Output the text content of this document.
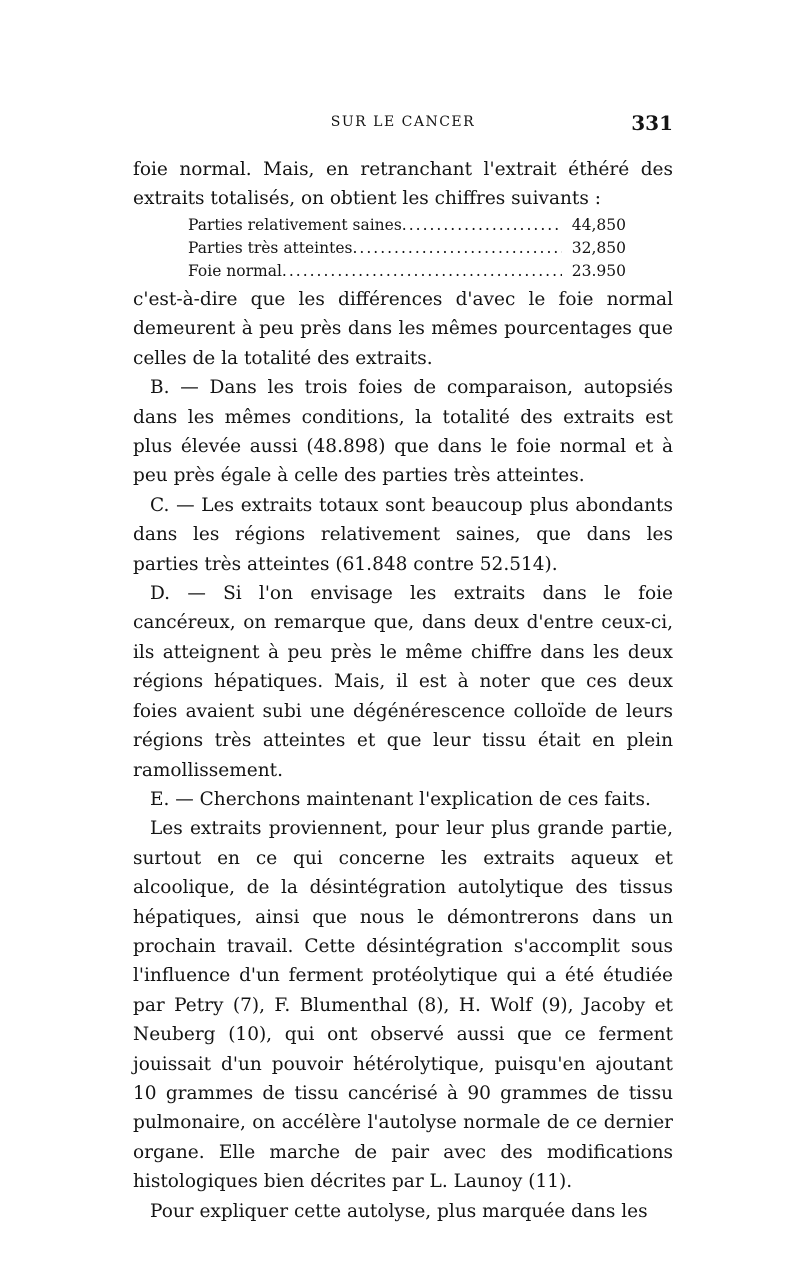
SUR LE CANCER	331

foie normal. Mais, en retranchant l'extrait éthéré des extraits totalisés, on obtient les chiffres suivants :

Parties relativement saines .....	44,850
Parties très atteintes .....	32,850
Foie normal .....	23.950

c'est-à-dire que les différences d'avec le foie normal demeurent à peu près dans les mêmes pourcentages que celles de la totalité des extraits.

B. — Dans les trois foies de comparaison, autopsiés dans les mêmes conditions, la totalité des extraits est plus élevée aussi (48.898) que dans le foie normal et à peu près égale à celle des parties très atteintes.

C. — Les extraits totaux sont beaucoup plus abondants dans les régions relativement saines, que dans les parties très atteintes (61.848 contre 52.514).

D. — Si l'on envisage les extraits dans le foie cancéreux, on remarque que, dans deux d'entre ceux-ci, ils atteignent à peu près le même chiffre dans les deux régions hépatiques. Mais, il est à noter que ces deux foies avaient subi une dégénérescence colloïde de leurs régions très atteintes et que leur tissu était en plein ramollissement.

E. — Cherchons maintenant l'explication de ces faits.

Les extraits proviennent, pour leur plus grande partie, surtout en ce qui concerne les extraits aqueux et alcoolique, de la désintégration autolytique des tissus hépatiques, ainsi que nous le démontrerons dans un prochain travail. Cette désintégration s'accomplit sous l'influence d'un ferment protéolytique qui a été étudiée par Petry (7), F. Blumenthal (8), H. Wolf (9), Jacoby et Neuberg (10), qui ont observé aussi que ce ferment jouissait d'un pouvoir hétérolytique, puisqu'en ajoutant 10 grammes de tissu cancérisé à 90 grammes de tissu pulmonaire, on accélère l'autolyse normale de ce dernier organe. Elle marche de pair avec des modifications histologiques bien décrites par L. Launoy (11).

Pour expliquer cette autolyse, plus marquée dans les
